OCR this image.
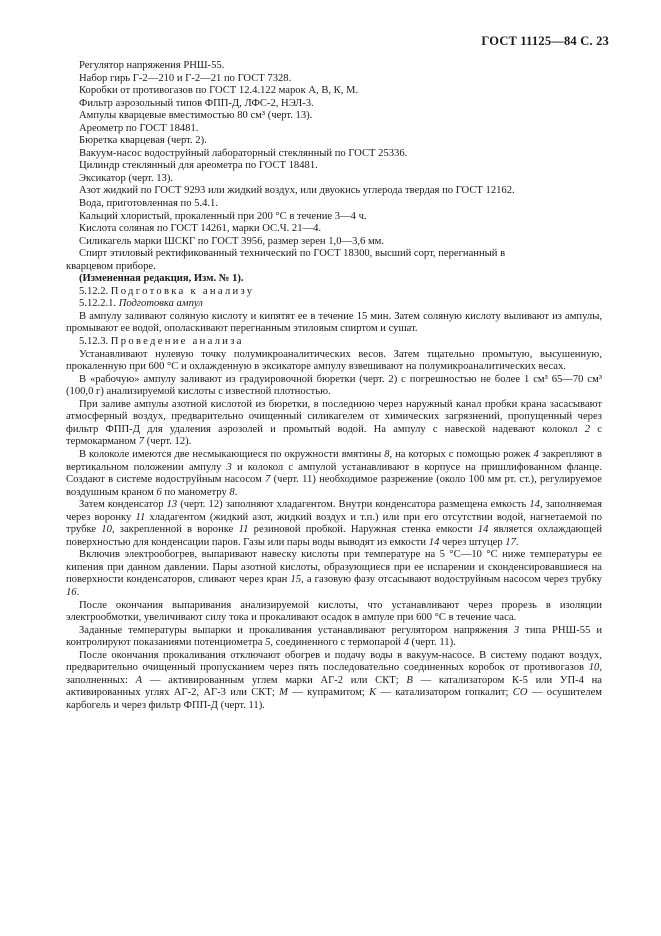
ГОСТ 11125—84 С. 23
Регулятор напряжения РНШ-55.
Набор гирь Г-2—210 и Г-2—21 по ГОСТ 7328.
Коробки от противогазов по ГОСТ 12.4.122 марок А, В, К, М.
Фильтр аэрозольный типов ФПП-Д, ЛФС-2, НЭЛ-3.
Ампулы кварцевые вместимостью 80 см³ (черт. 13).
Ареометр по ГОСТ 18481.
Бюретка кварцевая (черт. 2).
Вакуум-насос водоструйный лабораторный стеклянный по ГОСТ 25336.
Цилиндр стеклянный для ареометра по ГОСТ 18481.
Эксикатор (черт. 13).
Азот жидкий по ГОСТ 9293 или жидкий воздух, или двуокись углерода твердая по ГОСТ 12162.
Вода, приготовленная по 5.4.1.
Кальций хлористый, прокаленный при 200 °С в течение 3—4 ч.
Кислота соляная по ГОСТ 14261, марки ОС.Ч. 21—4.
Силикагель марки ШСКГ по ГОСТ 3956, размер зерен 1,0—3,6 мм.
Спирт этиловый ректификованный технический по ГОСТ 18300, высший сорт, перегнанный в
кварцевом приборе.

(Измененная редакция, Изм. № 1).

5.12.2. Подготовка к анализу

5.12.2.1. Подготовка ампул

В ампулу заливают соляную кислоту и кипятят ее в течение 15 мин. Затем соляную кислоту выливают из ампулы, промывают ее водой, ополаскивают перегнанным этиловым спиртом и сушат.

5.12.3. Проведение анализа

Устанавливают нулевую точку полумикроаналитических весов. Затем тщательно промытую, высушенную, прокаленную при 600 °С и охлажденную в эксикаторе ампулу взвешивают на полумикроаналитических весах.

В «рабочую» ампулу заливают из градуировочной бюретки (черт. 2) с погрешностью не более 1 см³ 65—70 см³ (100,0 г) анализируемой кислоты с известной плотностью.

При заливе ампулы азотной кислотой из бюретки, в последнюю через наружный канал пробки крана засасывают атмосферный воздух, предварительно очищенный силикагелем от химических загрязнений, пропущенный через фильтр ФПП-Д для удаления аэрозолей и промытый водой. На ампулу с навеской надевают колокол 2 с термокарманом 7 (черт. 12).

В колоколе имеются две несмыкающиеся по окружности вмятины 8, на которых с помощью рожек 4 закрепляют в вертикальном положении ампулу 3 и колокол с ампулой устанавливают в корпусе на пришлифованном фланце. Создают в системе водоструйным насосом 7 (черт. 11) необходимое разрежение (около 100 мм рт. ст.), регулируемое воздушным краном 6 по манометру 8.

Затем конденсатор 13 (черт. 12) заполняют хладагентом. Внутри конденсатора размещена емкость 14, заполняемая через воронку 11 хладагентом (жидкий азот, жидкий воздух и т.п.) или при его отсутствии водой, нагнетаемой по трубке 10, закрепленной в воронке 11 резиновой пробкой. Наружная стенка емкости 14 является охлаждающей поверхностью для конденсации паров. Газы или пары воды выводят из емкости 14 через штуцер 17.

Включив электрообогрев, выпаривают навеску кислоты при температуре на 5 °С—10 °С ниже температуры ее кипения при данном давлении. Пары азотной кислоты, образующиеся при ее испарении и сконденсировавшиеся на поверхности конденсаторов, сливают через кран 15, а газовую фазу отсасывают водоструйным насосом через трубку 16.

После окончания выпаривания анализируемой кислоты, что устанавливают через прорезь в изоляции электрообмотки, увеличивают силу тока и прокаливают осадок в ампуле при 600 °С в течение часа.

Заданные температуры выпарки и прокаливания устанавливают регулятором напряжения 3 типа РНШ-55 и контролируют показаниями потенциометра 5, соединенного с термопарой 4 (черт. 11).

После окончания прокаливания отключают обогрев и подачу воды в вакуум-насосе. В систему подают воздух, предварительно очищенный пропусканием через пять последовательно соединенных коробок от противогазов 10, заполненных: А — активированным углем марки АГ-2 или СКТ; В — катализатором К-5 или УП-4 на активированных углях АГ-2, АГ-3 или СКТ; М — купрамитом; К — катализатором гопкалит; СО — осушителем карбогель и через фильтр ФПП-Д (черт. 11).
